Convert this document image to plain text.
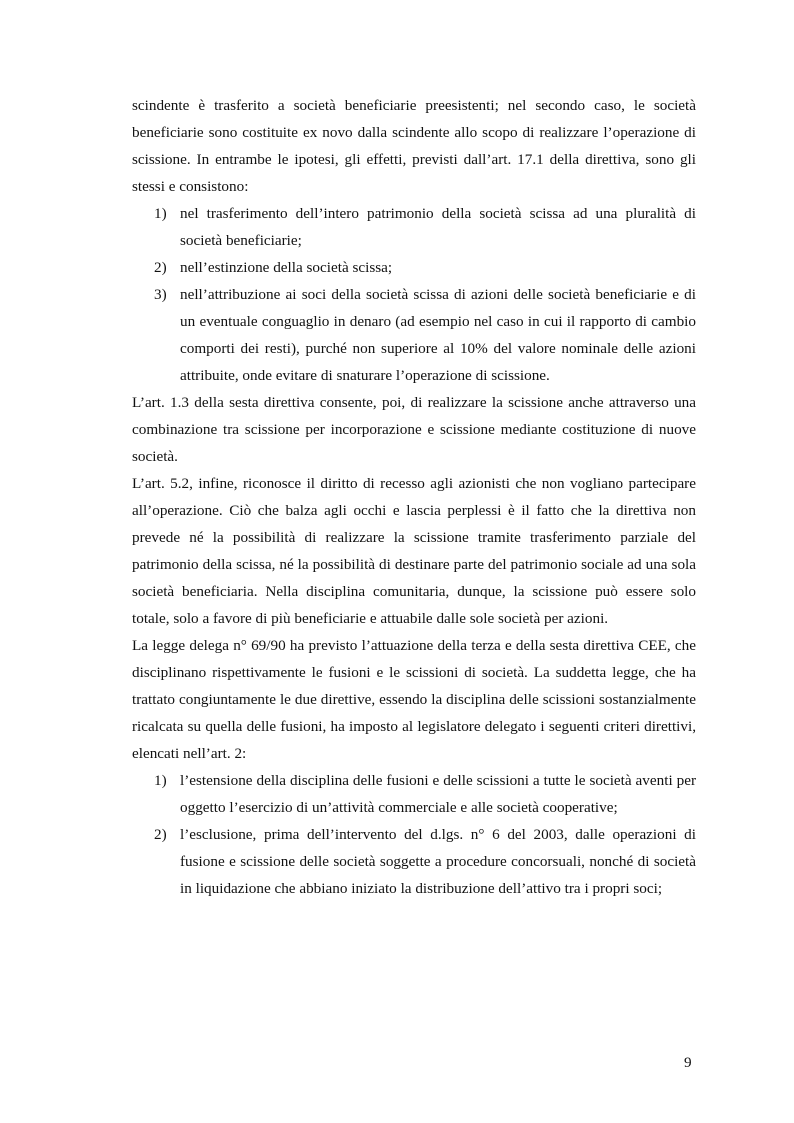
scindente è trasferito a società beneficiarie preesistenti; nel secondo caso, le società beneficiarie sono costituite ex novo dalla scindente allo scopo di realizzare l’operazione di scissione. In entrambe le ipotesi, gli effetti, previsti dall’art. 17.1 della direttiva, sono gli stessi e consistono:

1) nel trasferimento dell’intero patrimonio della società scissa ad una pluralità di società beneficiarie;
2) nell’estinzione della società scissa;
3) nell’attribuzione ai soci della società scissa di azioni delle società beneficiarie e di un eventuale conguaglio in denaro (ad esempio nel caso in cui il rapporto di cambio comporti dei resti), purché non superiore al 10% del valore nominale delle azioni attribuite, onde evitare di snaturare l’operazione di scissione.

L’art. 1.3 della sesta direttiva consente, poi, di realizzare la scissione anche attraverso una combinazione tra scissione per incorporazione e scissione mediante costituzione di nuove società.

L’art. 5.2, infine, riconosce il diritto di recesso agli azionisti che non vogliano partecipare all’operazione. Ciò che balza agli occhi e lascia perplessi è il fatto che la direttiva non prevede né la possibilità di realizzare la scissione tramite trasferimento parziale del patrimonio della scissa, né la possibilità di destinare parte del patrimonio sociale ad una sola società beneficiaria. Nella disciplina comunitaria, dunque, la scissione può essere solo totale, solo a favore di più beneficiarie e attuabile dalle sole società per azioni.

La legge delega n° 69/90 ha previsto l’attuazione della terza e della sesta direttiva CEE, che disciplinano rispettivamente le fusioni e le scissioni di società. La suddetta legge, che ha trattato congiuntamente le due direttive, essendo la disciplina delle scissioni sostanzialmente ricalcata su quella delle fusioni, ha imposto al legislatore delegato i seguenti criteri direttivi, elencati nell’art. 2:

1) l’estensione della disciplina delle fusioni e delle scissioni a tutte le società aventi per oggetto l’esercizio di un’attività commerciale e alle società cooperative;
2) l’esclusione, prima dell’intervento del d.lgs. n° 6 del 2003, dalle operazioni di fusione e scissione delle società soggette a procedure concorsuali, nonché di società in liquidazione che abbiano iniziato la distribuzione dell’attivo tra i propri soci;
9
